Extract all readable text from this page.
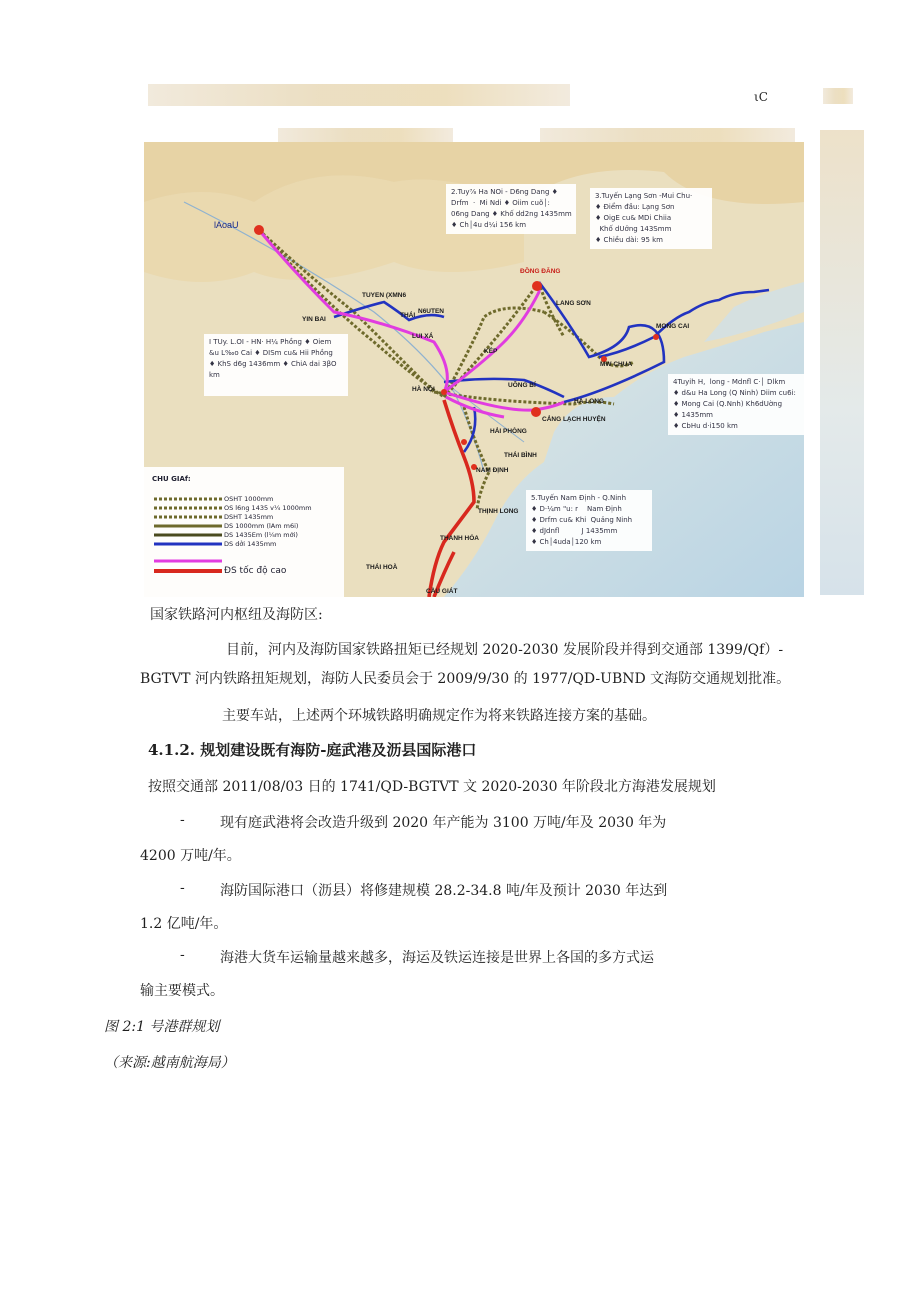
ιC
lAoaU
ĐỒNG ĐĂNG
LANG SƠN
TUYEN (XMN6
YIN BAI
N6UTEN
THÁI
LUI XÁ
KÉP
HÀ NỘI
UÔNG BÍ
HẠ LONG
HẢI PHÒNG
CẢNG LẠCH HUYỆN
MONG CAI
MW CHUA
THÁI BÌNH
NAM ĐỊNH
THỊNH LONG
THANH HÓA
THÁI HOÀ
CẦU GIÁT
2.Tuy⅞ Ha NOi - D6ng Dang ♦
Drfm  ·  Mi Ndi ♦ Oiim cuõ│:
06ng Dang ♦ Khố dd2ng 1435mm
♦ Ch│4u d¼i 156 km
3.Tuyến Lạng Sơn -Mui Chu·
♦ Điểm đầu: Lạng Sơn
♦ OigE cu& MDi Chiia
Khố dUởng 143Smm
♦ Chiều dài: 95 km
I TUy. L.OI - HN· H¼ Phồng ♦ Oiem
&u L‰o Cai ♦ DISm cu& Hii Phồng
♦ KhS d6g 1436mm ♦ ChiA dai 3βO
km
4Tuyih H,  long - Mdnfl C·│ Dlkm
♦ d&u Ha Long (Q Ninh) Diim cu6i:
♦ Mong Cai (Q.Nnh) Kh6dUờng
♦ 1435mm
♦ CbHu d·i150 km
5.Tuyến Nam Định - Q.Ninh
♦ D·¼m "u: r    Nam Định
♦ Drfm cu& Khi  Quảng Ninh
♦ dJdnfl          J 1435mm
♦ Ch│4uda│120 km
CHU GIAf:
OSHT 1000mm
OS l6ng 1435 v¼ 1000mm
DSHT 1435mm
DS 1000mm (lAm m6i)
DS 1435Em (l¼m mới)
DS dởi 1435mm
ĐS tốc độ cao
国家铁路河内枢纽及海防区:
目前，河内及海防国家铁路扭矩已经规划 2020-2030 发展阶段并得到交通部 1399/Qf）-
BGTVT 河内铁路扭矩规划，海防人民委员会于 2009/9/30 的 1977/QD-UBND 文海防交通规划批准。
主要车站，上述两个环城铁路明确规定作为将来铁路连接方案的基础。
4.1.2. 规划建设既有海防-庭武港及沥县国际港口
按照交通部 2011/08/03 日的 1741/QD-BGTVT 文 2020-2030 年阶段北方海港发展规划
-	现有庭武港将会改造升级到 2020 年产能为 3100 万吨/年及 2030 年为
4200 万吨/年。
-	海防国际港口（沥县）将修建规模 28.2-34.8 吨/年及预计 2030 年达到
1.2 亿吨/年。
-	海港大货车运输量越来越多，海运及铁运连接是世界上各国的多方式运
输主要模式。
图 2:1 号港群规划
（来源:越南航海局）
